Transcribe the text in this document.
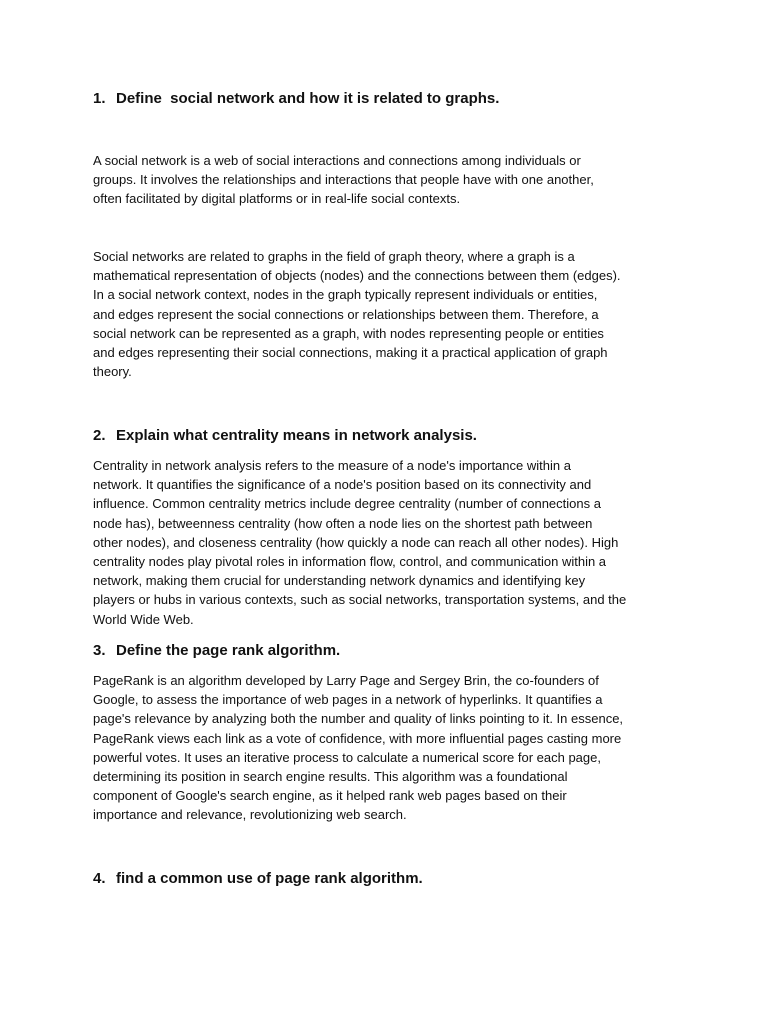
1. Define  social network and how it is related to graphs.

A social network is a web of social interactions and connections among individuals or
groups. It involves the relationships and interactions that people have with one another,
often facilitated by digital platforms or in real-life social contexts.

Social networks are related to graphs in the field of graph theory, where a graph is a
mathematical representation of objects (nodes) and the connections between them (edges).
In a social network context, nodes in the graph typically represent individuals or entities,
and edges represent the social connections or relationships between them. Therefore, a
social network can be represented as a graph, with nodes representing people or entities
and edges representing their social connections, making it a practical application of graph
theory.

2. Explain what centrality means in network analysis.

Centrality in network analysis refers to the measure of a node's importance within a
network. It quantifies the significance of a node's position based on its connectivity and
influence. Common centrality metrics include degree centrality (number of connections a
node has), betweenness centrality (how often a node lies on the shortest path between
other nodes), and closeness centrality (how quickly a node can reach all other nodes). High
centrality nodes play pivotal roles in information flow, control, and communication within a
network, making them crucial for understanding network dynamics and identifying key
players or hubs in various contexts, such as social networks, transportation systems, and the
World Wide Web.

3. Define the page rank algorithm.

PageRank is an algorithm developed by Larry Page and Sergey Brin, the co-founders of
Google, to assess the importance of web pages in a network of hyperlinks. It quantifies a
page's relevance by analyzing both the number and quality of links pointing to it. In essence,
PageRank views each link as a vote of confidence, with more influential pages casting more
powerful votes. It uses an iterative process to calculate a numerical score for each page,
determining its position in search engine results. This algorithm was a foundational
component of Google's search engine, as it helped rank web pages based on their
importance and relevance, revolutionizing web search.

4. find a common use of page rank algorithm.
